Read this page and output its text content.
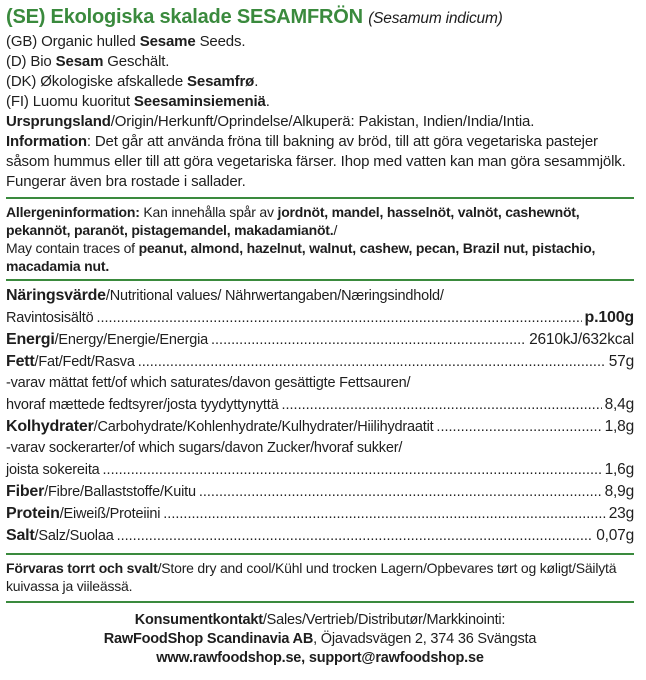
(SE) Ekologiska skalade SESAMFRÖN (Sesamum indicum)
(GB) Organic hulled Sesame Seeds.
(D) Bio Sesam Geschält.
(DK) Økologiske afskallede Sesamfrø.
(FI) Luomu kuoritut Seesaminsiemeniä.
Ursprungsland/Origin/Herkunft/Oprindelse/Alkuperä: Pakistan, Indien/India/Intia.
Information: Det går att använda fröna till bakning av bröd, till att göra vegetariska pastejer såsom hummus eller till att göra vegetariska färser. Ihop med vatten kan man göra sesammjölk. Fungerar även bra rostade i sallader.
Allergeninformation: Kan innehålla spår av jordnöt, mandel, hasselnöt, valnöt, cashewnöt, pekannöt, paranöt, pistagemandel, makadamianöt./
May contain traces of peanut, almond, hazelnut, walnut, cashew, pecan, Brazil nut, pistachio, macadamia nut.
Näringsvärde/Nutritional values/ Nährwertangaben/Næringsindhold/
Ravintosisältö .....	p.100g
Energi/Energy/Energie/Energia .....	2610kJ/632kcal
Fett/Fat/Fedt/Rasva .....	57g
-varav mättat fett/of which saturates/davon gesättigte Fettsauren/
hvoraf mættede fedtsyrer/josta tyydyttynyttä .....	8,4g
Kolhydrater/Carbohydrate/Kohlenhydrate/Kulhydrater/Hiilihydraatit .....	1,8g
-varav sockerarter/of which sugars/davon Zucker/hvoraf sukker/
joista sokereita .....	1,6g
Fiber/Fibre/Ballaststoffe/Kuitu .....	8,9g
Protein/Eiweiß/Proteiini .....	23g
Salt/Salz/Suolaa .....	0,07g
Förvaras torrt och svalt/Store dry and cool/Kühl und trocken Lagern/Opbevares tørt og køligt/Säilytä kuivassa ja viileässä.
Konsumentkontakt/Sales/Vertrieb/Distributør/Markkinointi:
RawFoodShop Scandinavia AB, Öjavadsvägen 2, 374 36 Svängsta
www.rawfoodshop.se, support@rawfoodshop.se
